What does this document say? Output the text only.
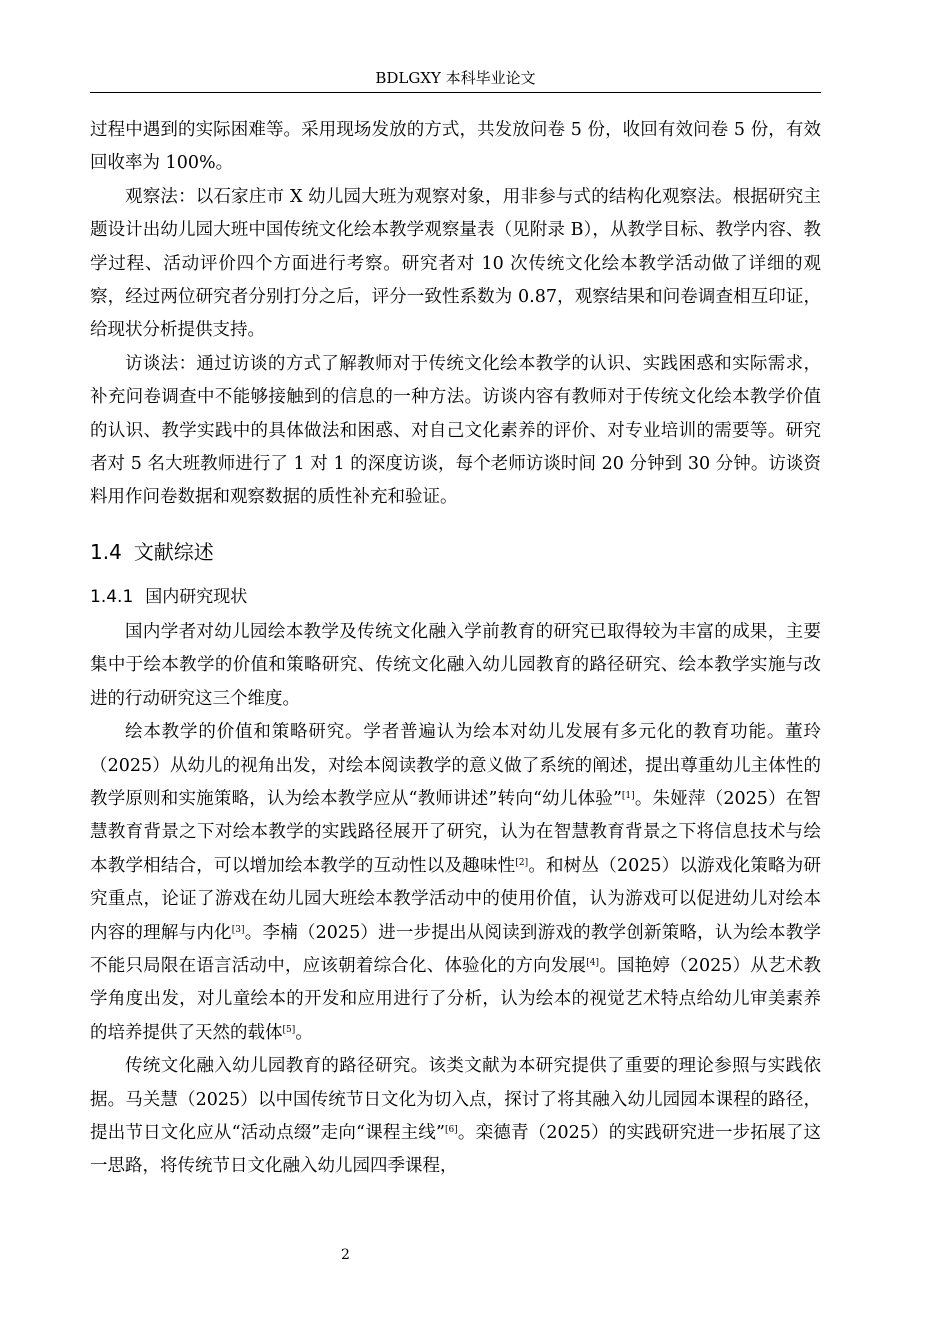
BDLGXY 本科毕业论文

过程中遇到的实际困难等。采用现场发放的方式，共发放问卷 5 份，收回有效问卷 5 份，有效回收率为 100%。

观察法：以石家庄市 X 幼儿园大班为观察对象，用非参与式的结构化观察法。根据研究主题设计出幼儿园大班中国传统文化绘本教学观察量表（见附录 B），从教学目标、教学内容、教学过程、活动评价四个方面进行考察。研究者对 10 次传统文化绘本教学活动做了详细的观察，经过两位研究者分别打分之后，评分一致性系数为 0.87，观察结果和问卷调查相互印证，给现状分析提供支持。

访谈法：通过访谈的方式了解教师对于传统文化绘本教学的认识、实践困惑和实际需求，补充问卷调查中不能够接触到的信息的一种方法。访谈内容有教师对于传统文化绘本教学价值的认识、教学实践中的具体做法和困惑、对自己文化素养的评价、对专业培训的需要等。研究者对 5 名大班教师进行了 1 对 1 的深度访谈，每个老师访谈时间 20 分钟到 30 分钟。访谈资料用作问卷数据和观察数据的质性补充和验证。

1.4 文献综述
1.4.1 国内研究现状

国内学者对幼儿园绘本教学及传统文化融入学前教育的研究已取得较为丰富的成果，主要集中于绘本教学的价值和策略研究、传统文化融入幼儿园教育的路径研究、绘本教学实施与改进的行动研究这三个维度。

绘本教学的价值和策略研究。学者普遍认为绘本对幼儿发展有多元化的教育功能。董玲（2025）从幼儿的视角出发，对绘本阅读教学的意义做了系统的阐述，提出尊重幼儿主体性的教学原则和实施策略，认为绘本教学应从“教师讲述”转向“幼儿体验”[1]。朱娅萍（2025）在智慧教育背景之下对绘本教学的实践路径展开了研究，认为在智慧教育背景之下将信息技术与绘本教学相结合，可以增加绘本教学的互动性以及趣味性[2]。和树丛（2025）以游戏化策略为研究重点，论证了游戏在幼儿园大班绘本教学活动中的使用价值，认为游戏可以促进幼儿对绘本内容的理解与内化[3]。李楠（2025）进一步提出从阅读到游戏的教学创新策略，认为绘本教学不能只局限在语言活动中，应该朝着综合化、体验化的方向发展[4]。国艳婷（2025）从艺术教学角度出发，对儿童绘本的开发和应用进行了分析，认为绘本的视觉艺术特点给幼儿审美素养的培养提供了天然的载体[5]。

传统文化融入幼儿园教育的路径研究。该类文献为本研究提供了重要的理论参照与实践依据。马关慧（2025）以中国传统节日文化为切入点，探讨了将其融入幼儿园园本课程的路径，提出节日文化应从“活动点缀”走向“课程主线”[6]。栾德青（2025）的实践研究进一步拓展了这一思路，将传统节日文化融入幼儿园四季课程，

2
